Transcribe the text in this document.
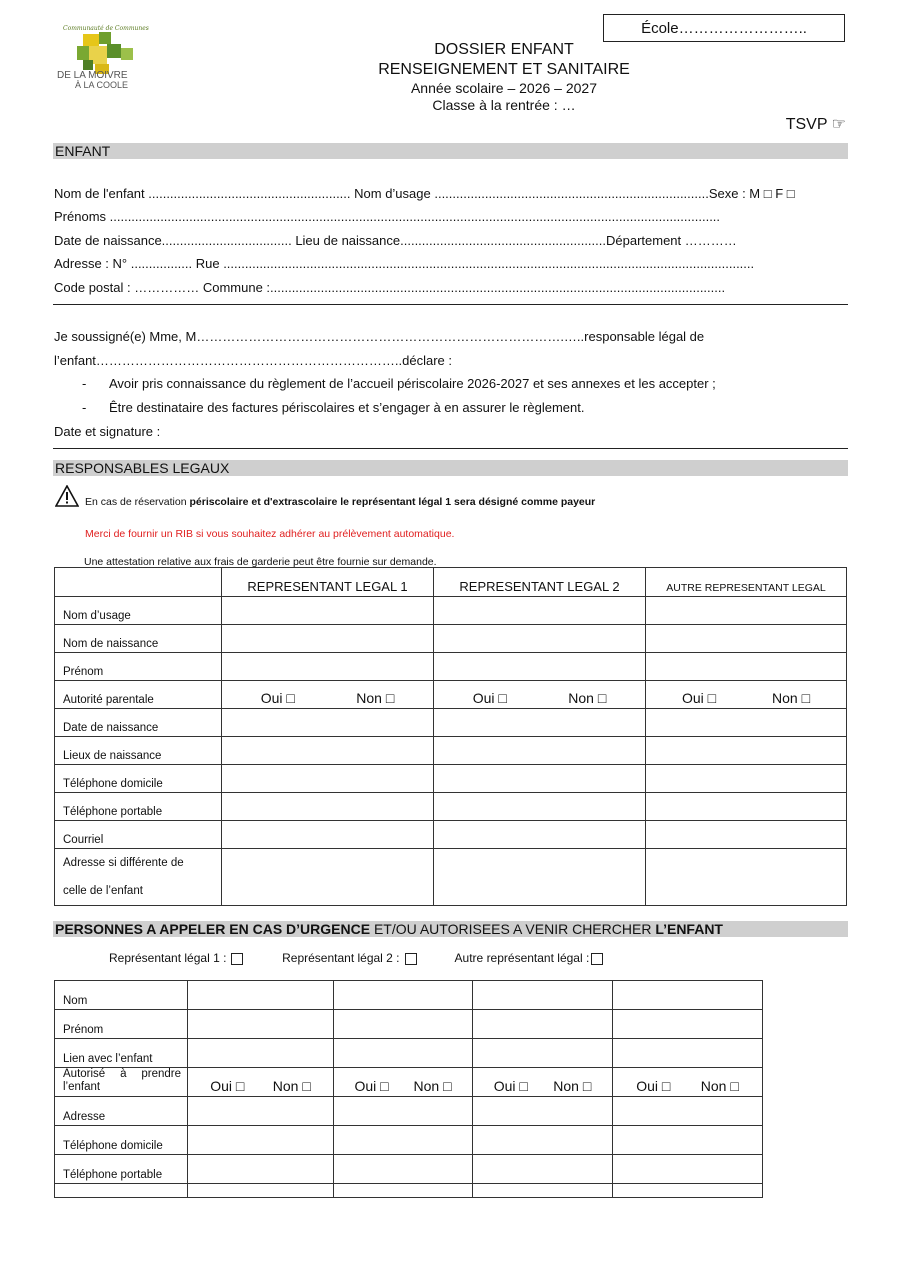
Communauté de Communes
DE LA MOIVRE
À LA COOLE
École……………………..
DOSSIER ENFANT
RENSEIGNEMENT ET SANITAIRE
Année scolaire – 2026 – 2027
Classe à la rentrée : …
TSVP ☞
ENFANT
Nom de l'enfant ........................................................ Nom d’usage ............................................................................Sexe : M □ F □
Prénoms .........................................................................................................................................................................
Date de naissance.................................... Lieu de naissance.........................................................Département …………
Adresse : N° ................. Rue ...................................................................................................................................................
Code postal : …………… Commune :..............................................................................................................................
Je soussigné(e) Mme, M………………………………………………………………………….…..responsable légal de
l’enfant……………………………………………………………..déclare :
- Avoir pris connaissance du règlement de l’accueil périscolaire 2026-2027 et ses annexes et les accepter ;
- Être destinataire des factures périscolaires et s’engager à en assurer le règlement.
Date et signature :
RESPONSABLES LEGAUX
En cas de réservation périscolaire et d'extrascolaire le représentant légal 1 sera désigné comme payeur
Merci de fournir un RIB si vous souhaitez adhérer au prélèvement automatique.
Une attestation relative aux frais de garderie peut être fournie sur demande.
	REPRESENTANT LEGAL 1	REPRESENTANT LEGAL 2	AUTRE REPRESENTANT LEGAL
Nom d’usage			
Nom de naissance			
Prénom			
Autorité parentale	Oui □ Non □	Oui □ Non □	Oui □ Non □

Date de naissance			
Lieux de naissance			
Téléphone domicile			
Téléphone portable			
Courriel			

Adresse si différente de
celle de l’enfant			

PERSONNES A APPELER EN CAS D’URGENCE ET/OU AUTORISEES A VENIR CHERCHER L’ENFANT
Représentant légal 1 :	Représentant légal 2 :	Autre représentant légal :
Nom				
Prénom				
Lien avec l’enfant				
Autorisé à prendre l’enfant	Oui □ Non □	Oui □ Non □	Oui □ Non □	Oui □ Non □

Adresse				
Téléphone domicile				
Téléphone portable				
